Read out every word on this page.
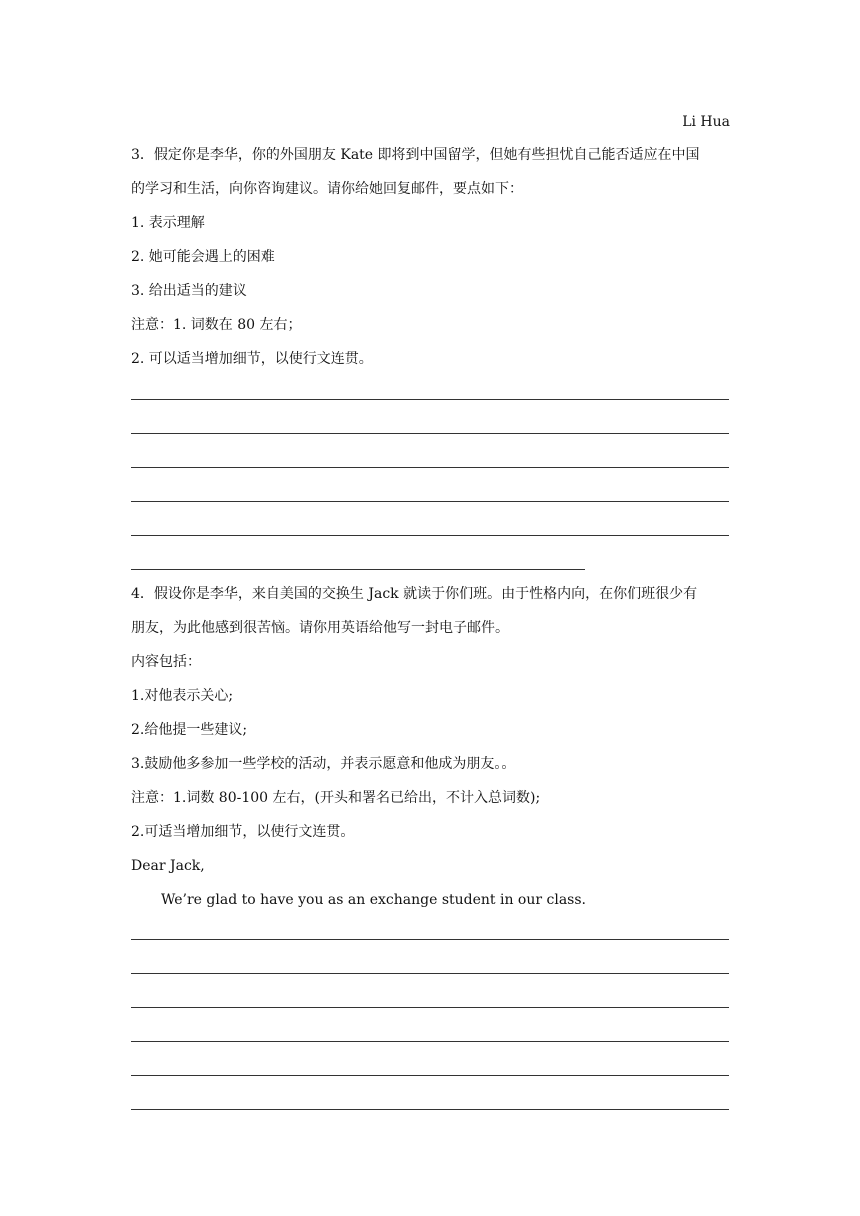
Li Hua
3．假定你是李华，你的外国朋友 Kate 即将到中国留学，但她有些担忧自己能否适应在中国
的学习和生活，向你咨询建议。请你给她回复邮件，要点如下：
1. 表示理解
2. 她可能会遇上的困难
3. 给出适当的建议
注意：1. 词数在 80 左右；
2. 可以适当增加细节，以使行文连贯。
4．假设你是李华，来自美国的交换生 Jack 就读于你们班。由于性格内向，在你们班很少有
朋友，为此他感到很苦恼。请你用英语给他写一封电子邮件。
内容包括：
1.对他表示关心;
2.给他提一些建议;
3.鼓励他多参加一些学校的活动，并表示愿意和他成为朋友。。
注意：1.词数 80-100 左右，(开头和署名已给出，不计入总词数);
2.可适当增加细节，以使行文连贯。
Dear Jack,
We’re glad to have you as an exchange student in our class.
